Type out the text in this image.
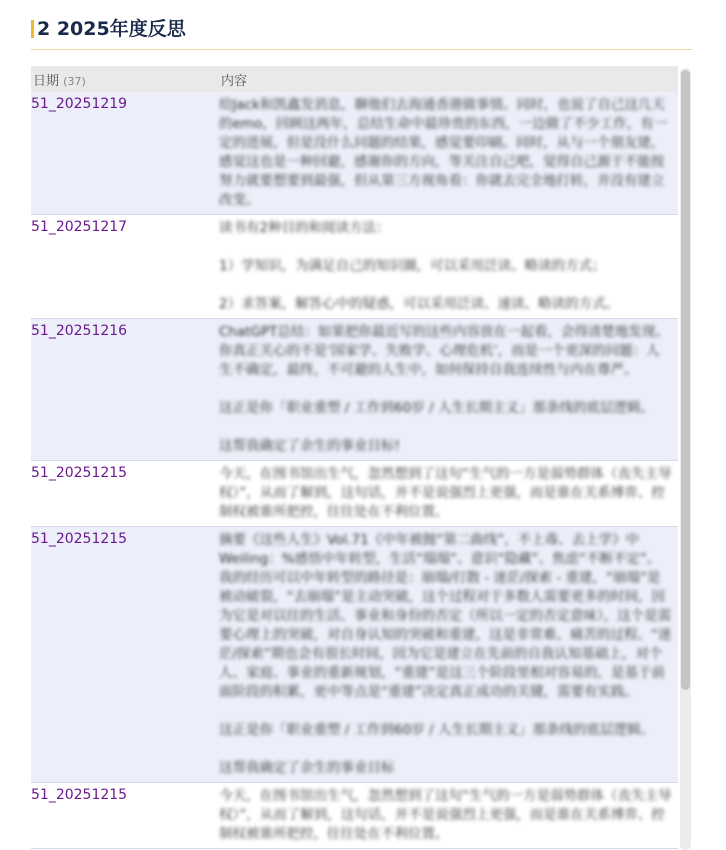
2 2025年度反思
日期 (37)	内容
51_20251219	给Jack和凯鑫发消息，聊他们去海通香港做事情。同时，也说了自己这几天的emo，回顾这两年，总结生命中最珍贵的东西，一边做了不少工作，有一定的进展，但是没什么问题的结果，感觉要印刷。同时，从与一个朋友建，感觉这也是一种回避，感谢你的方向，等关注自己吧，觉得自己源于不能按努力就要想要到最强，但从第三方视角看：你就去完全地打转，并没有建立改变。

51_20251217	读书有2种目的和阅读方法：

1）学知识，为满足自己的知识圈，可以采用泛读、略读的方式；

2）求答案，解答心中的疑惑，可以采用泛读、速读、略读的方式。

51_20251216	ChatGPT总结：如果把你最近写的这些内容放在一起看，会得清楚地发现。你真正关心的不是‘国家学、失败学、心理危机’，而是一个更深的问题：人生不确定，最终，不可避的人生中，如何保持自我连续性与内在尊严。

这正是你「职业重塑 / 工作到60岁 / 人生长期主义」那条线的底层逻辑。

这帮我确定了余生的事业目标!

51_20251215	今天，在图书馆出生气，忽然想到了这句“生气的一方是弱势群体（丧失主导权）”，从而了解到，这句话，并不是说强烈上更强，而是谁在关系博弈、控制权被谁所把控，往往处在不利位置。

51_20251215	摘要《这些人生》Vol.71《中年被抛“第二曲线”，不上毒、去上学》中Weiling：%感悟中年转型，生活“塌塌”、意识“隐藏”、焦虑“不断不定”。我的经历可以中年转型的路径是：崩塌/打散 - 迷茫/探索 - 重建，“崩塌”是被动破裂，“去崩塌”是主动突破，这个过程对于多数人需要更多的时间，因为它是对以往的生活、事业和身份的否定（所以一定的否定意味），这个是需要心理上的突破，对自身认知的突破和重建，这是非常难、痛苦的过程。“迷茫/探索”期也会有很长时间，因为它是建立在先前的自我认知基础上，对个人、家庭、事业的重新规划，“重建”是这三个阶段里相对容易的，是基于前面阶段的积累，更中等点是“重建”决定真正成功的关键，需要有实践。

这正是你「职业重塑 / 工作到60岁 / 人生长期主义」那条线的底层逻辑。

这帮我确定了余生的事业目标

51_20251215	今天，在图书馆出生气，忽然想到了这句“生气的一方是弱势群体（丧失主导权）”，从而了解到，这句话，并不是说强烈上更强，而是谁在关系博弈、控制权被谁所把控，往往处在不利位置。
